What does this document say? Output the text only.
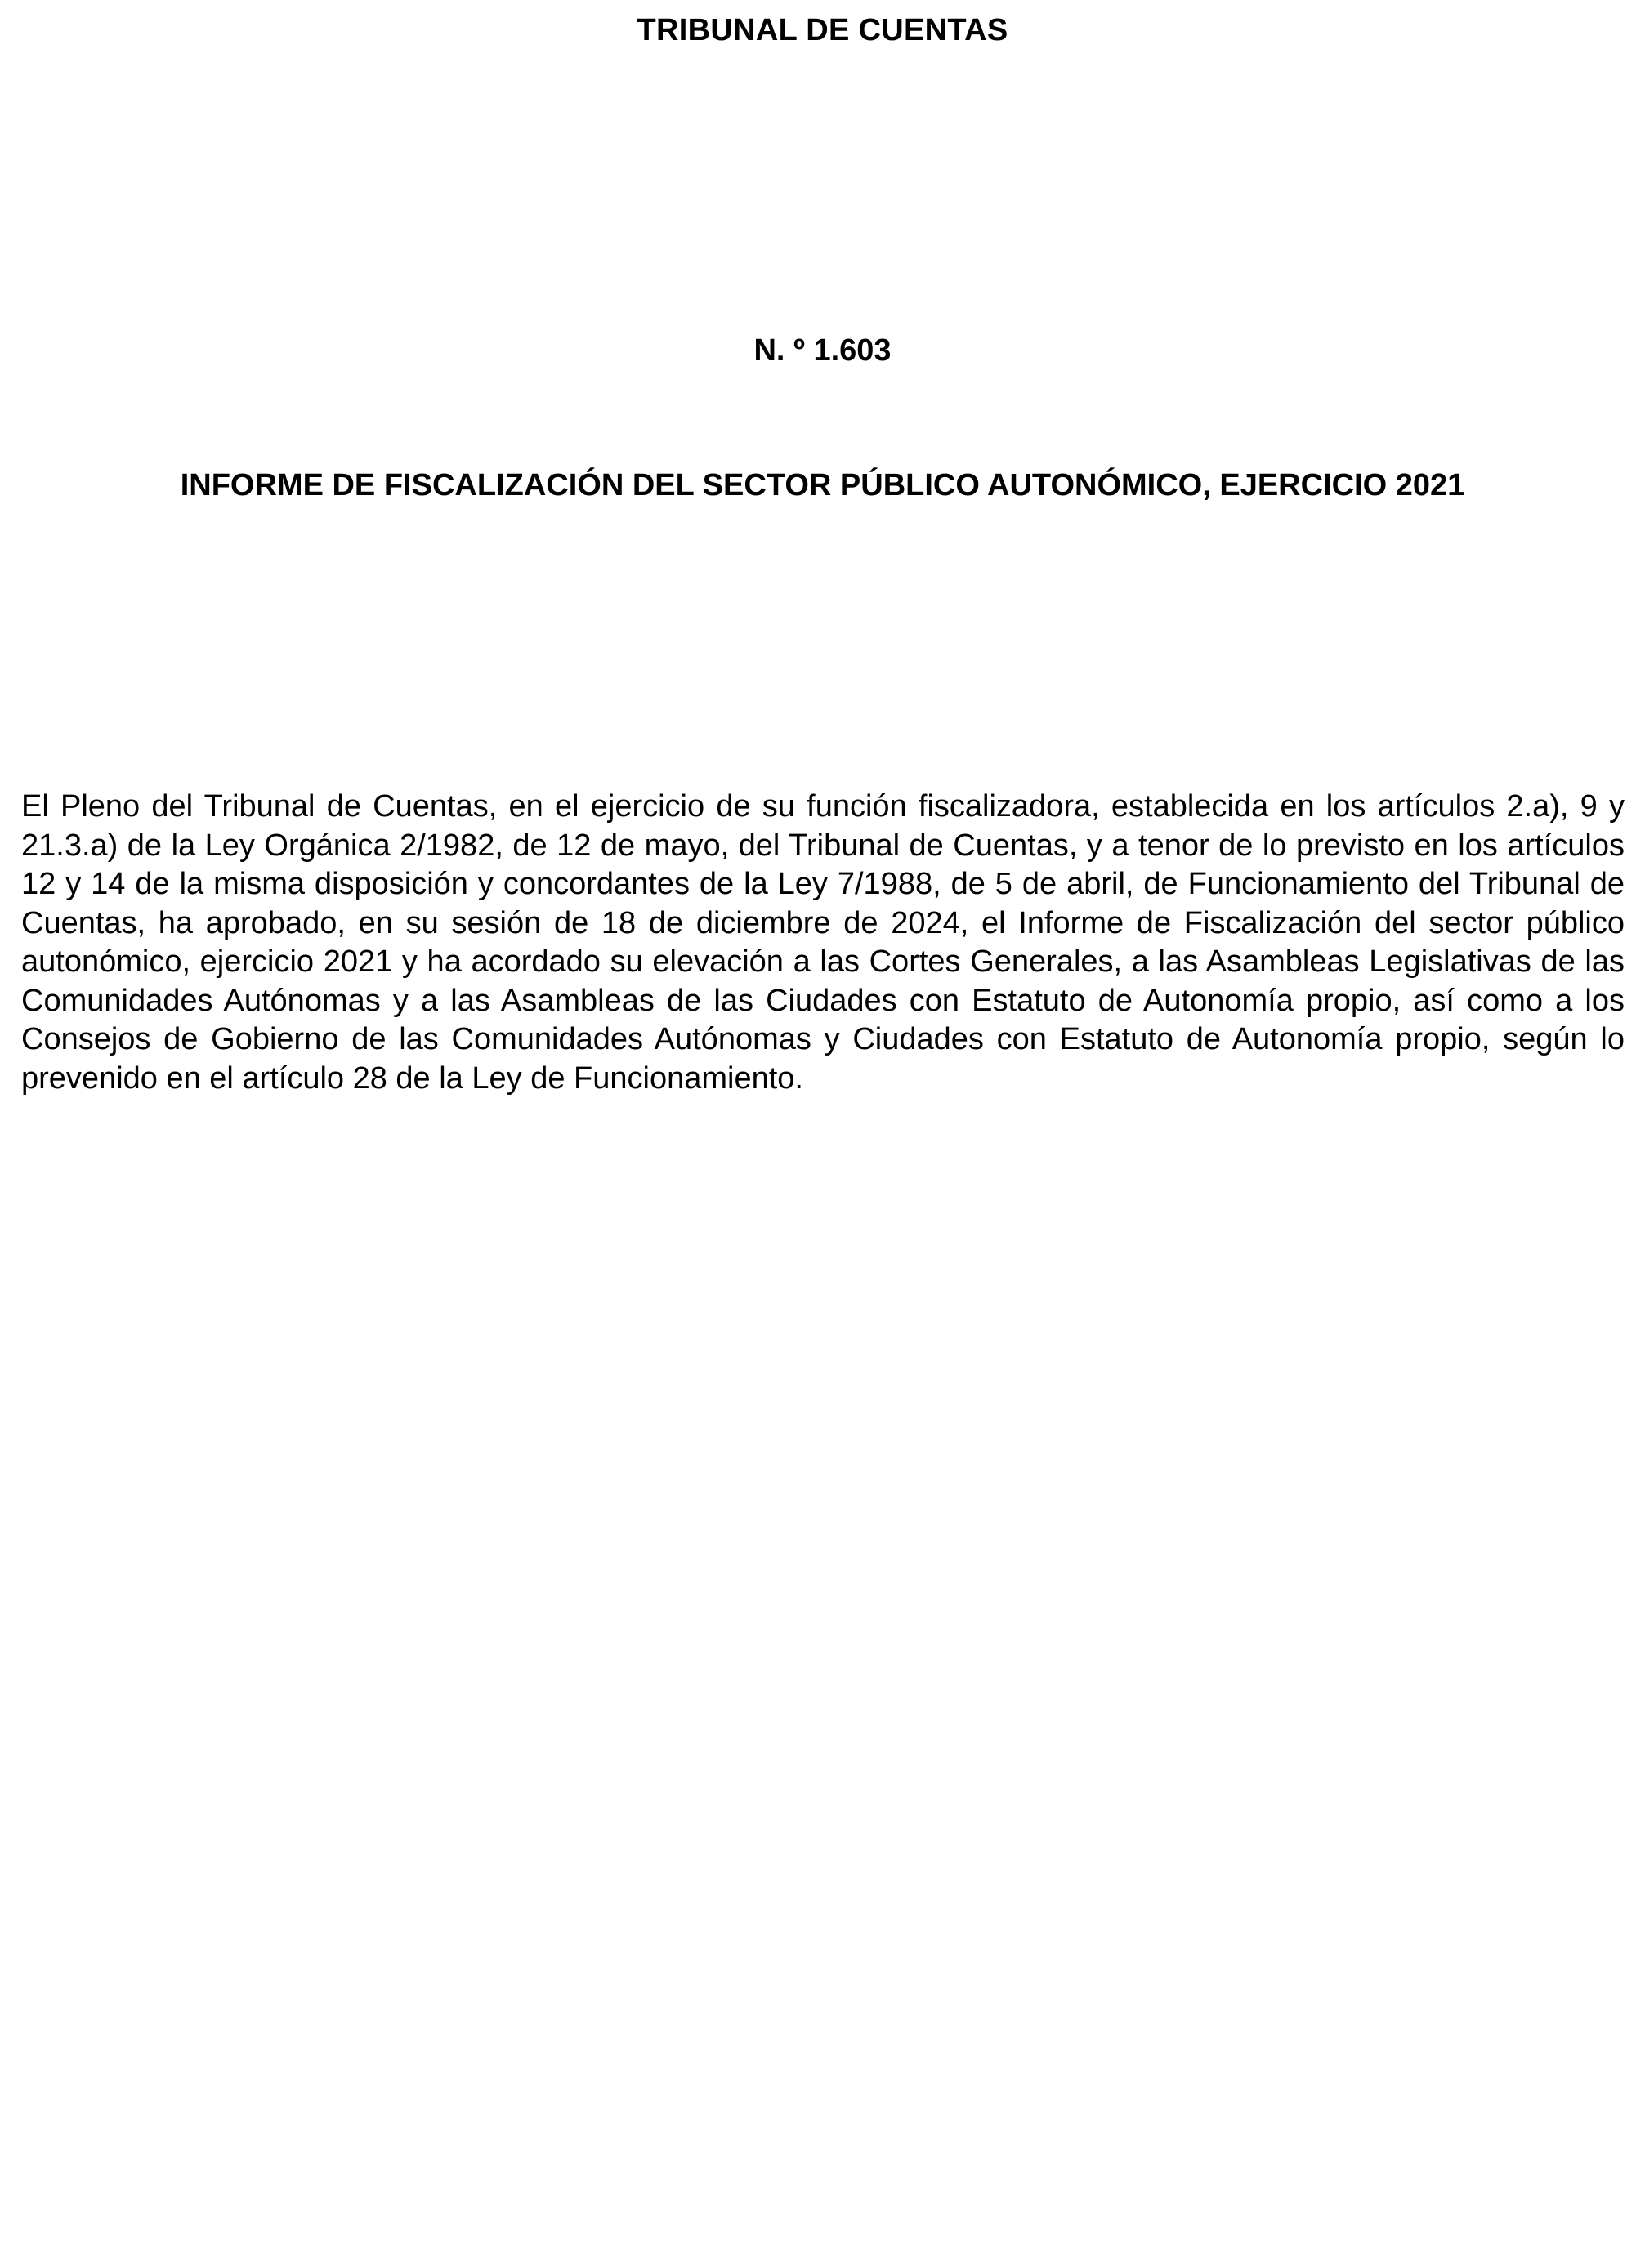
TRIBUNAL DE CUENTAS
N. º 1.603
INFORME DE FISCALIZACIÓN DEL SECTOR PÚBLICO AUTONÓMICO, EJERCICIO 2021

El Pleno del Tribunal de Cuentas, en el ejercicio de su función fiscalizadora, establecida en los artículos 2.a), 9 y 21.3.a) de la Ley Orgánica 2/1982, de 12 de mayo, del Tribunal de Cuentas, y a tenor de lo previsto en los artículos 12 y 14 de la misma disposición y concordantes de la Ley 7/1988, de 5 de abril, de Funcionamiento del Tribunal de Cuentas, ha aprobado, en su sesión de 18 de diciembre de 2024, el Informe de Fiscalización del sector público autonómico, ejercicio 2021 y ha acordado su elevación a las Cortes Generales, a las Asambleas Legislativas de las Comunidades Autónomas y a las Asambleas de las Ciudades con Estatuto de Autonomía propio, así como a los Consejos de Gobierno de las Comunidades Autónomas y Ciudades con Estatuto de Autonomía propio, según lo prevenido en el artículo 28 de la Ley de Funcionamiento.
